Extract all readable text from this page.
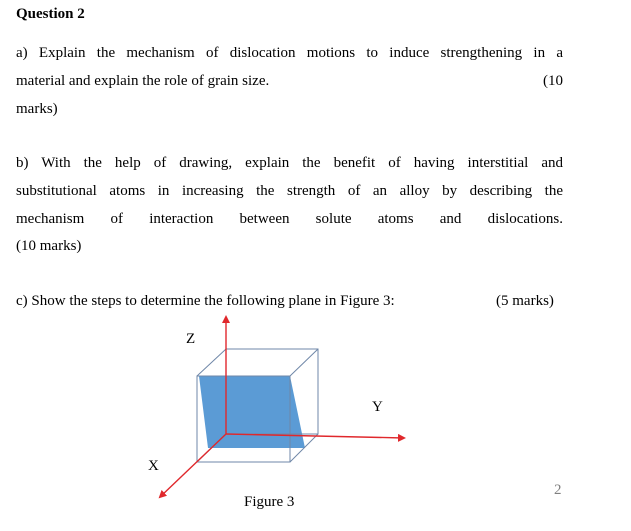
Question 2
a) Explain the mechanism of dislocation motions to induce strengthening in a
material and explain the role of grain size.	(10
marks)
b) With the help of drawing, explain the benefit of having interstitial and
substitutional atoms in increasing the strength of an alloy by describing the
mechanism of interaction between solute atoms and dislocations.
(10 marks)
c) Show the steps to determine the following plane in Figure 3:	(5 marks)
Z
Y
X
Figure 3
2
